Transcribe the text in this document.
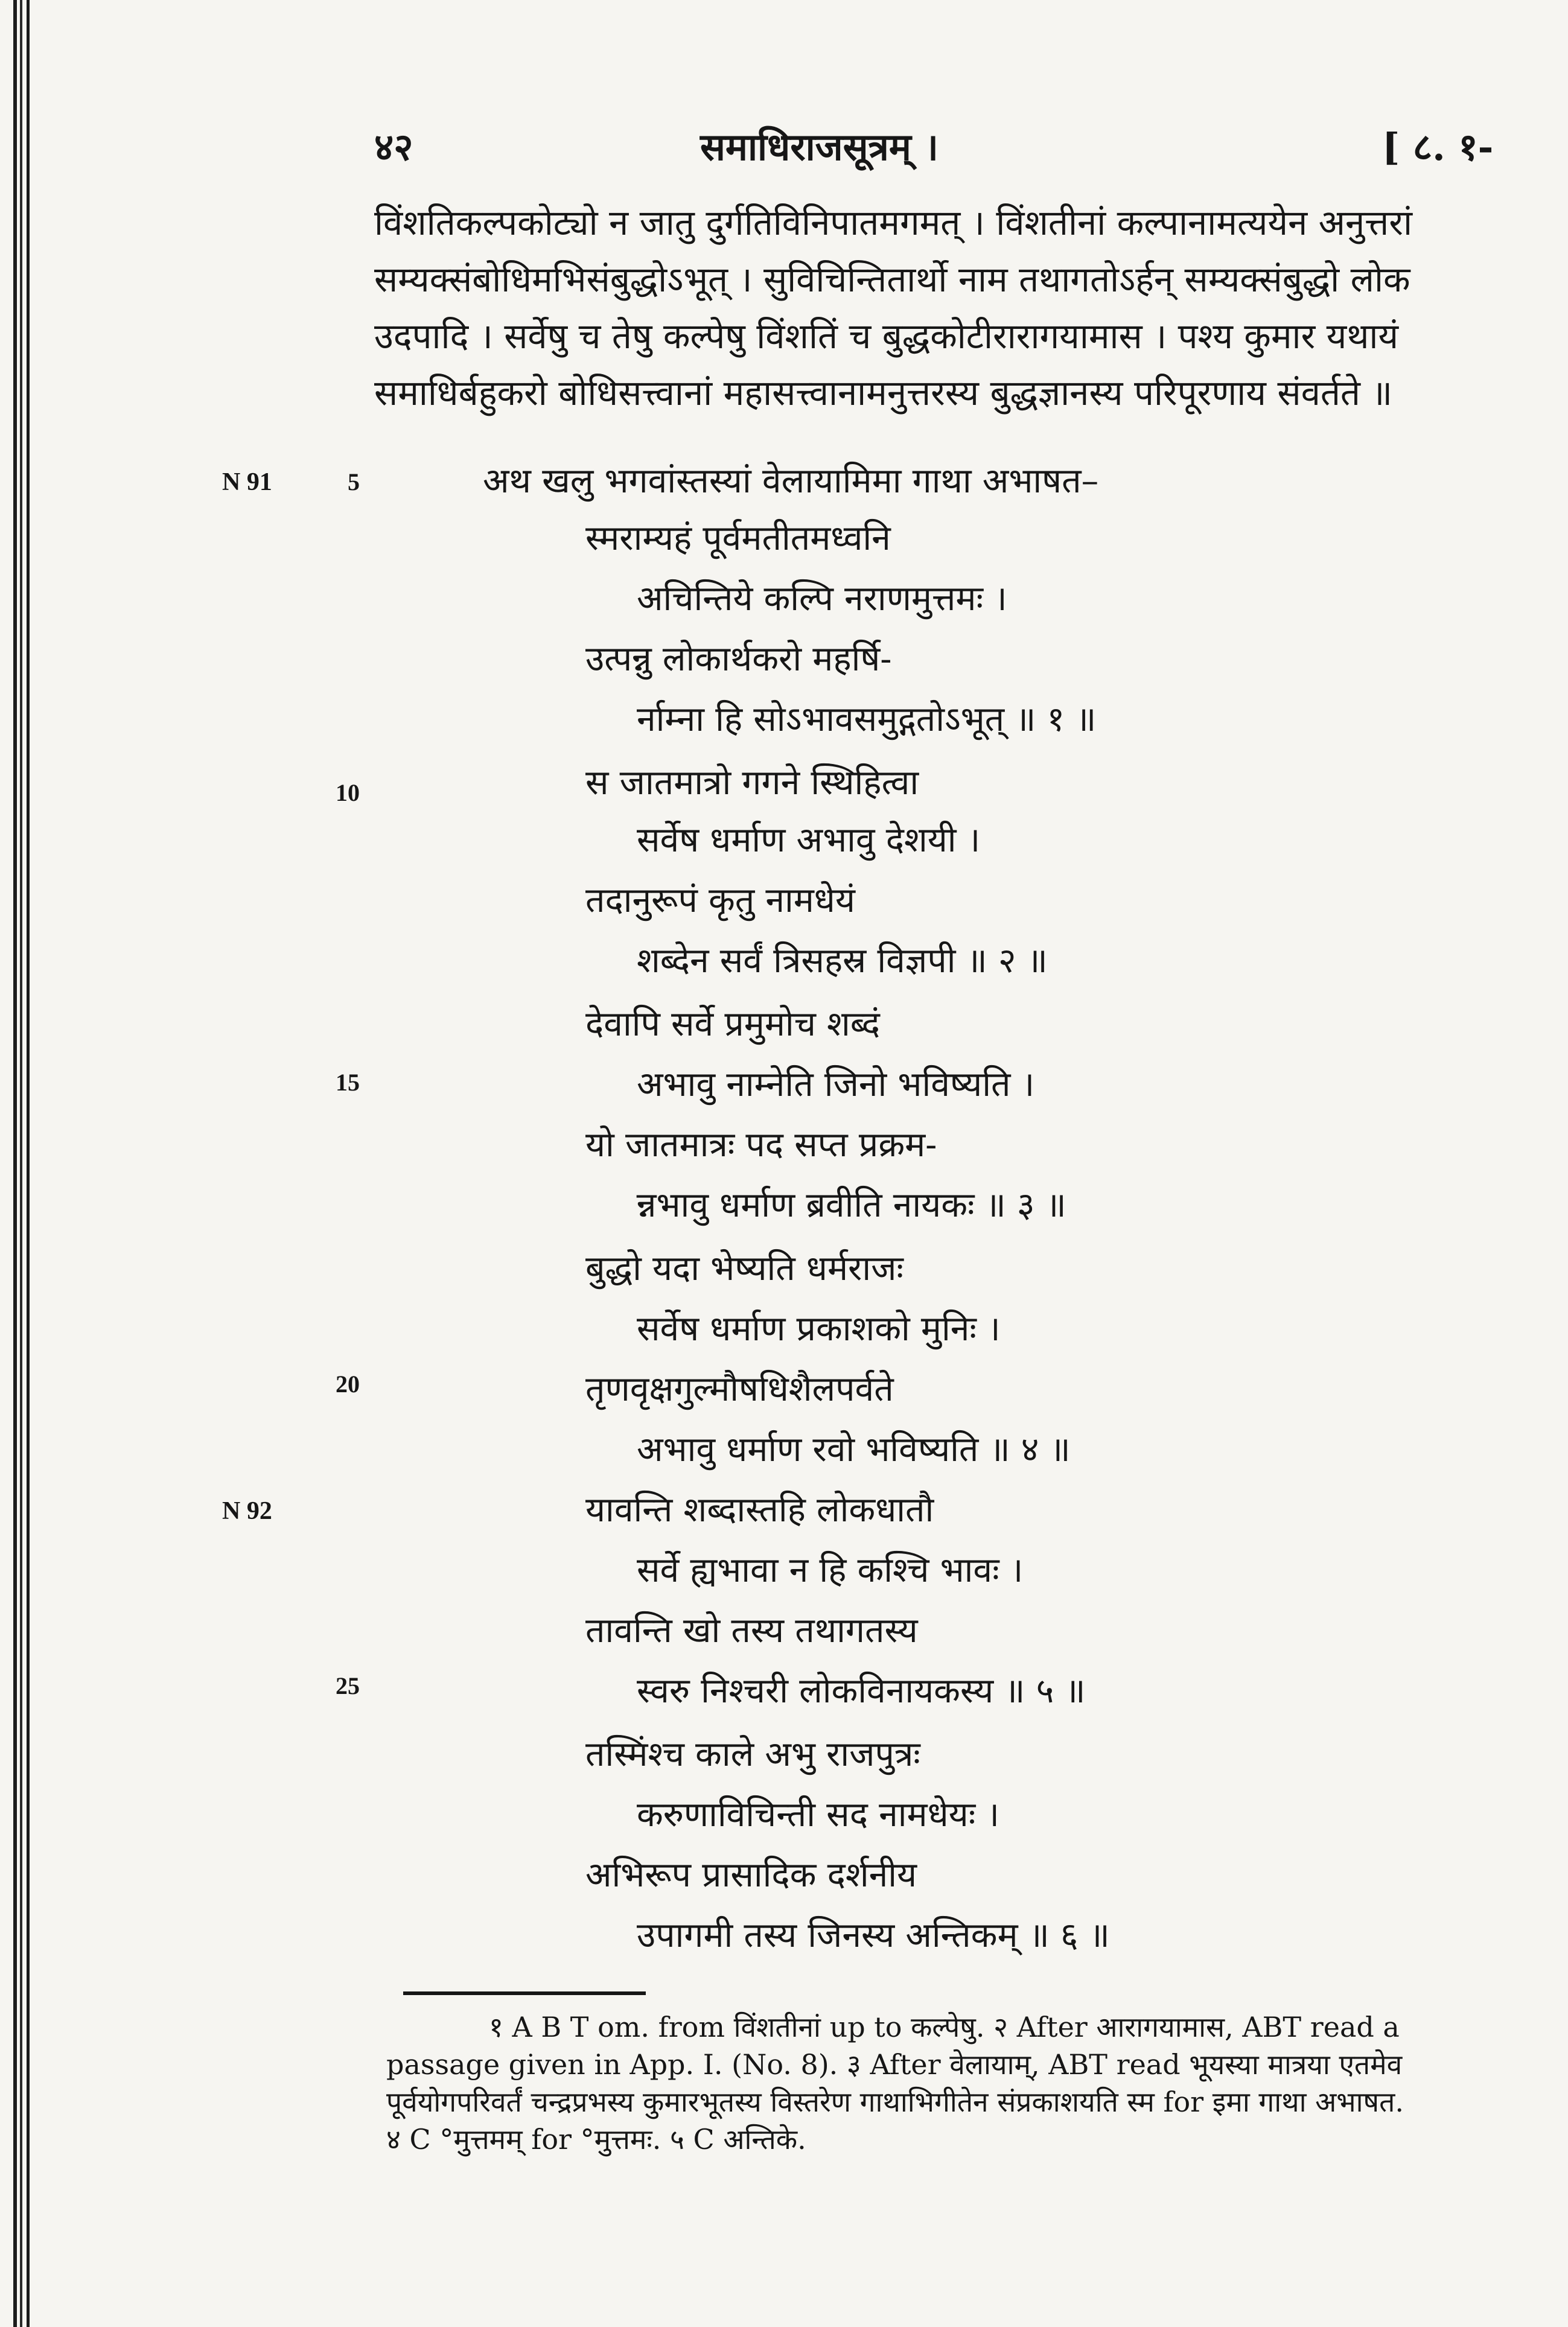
४२	समाधिराजसूत्रम् ।	[ ८. १-
विंशतिकल्पकोट्यो न जातु दुर्गतिविनिपातमगमत् । विंशतीनां कल्पानामत्ययेन अनुत्तरां
सम्यक्संबोधिमभिसंबुद्धोऽभूत् । सुविचिन्तितार्थो नाम तथागतोऽर्हन् सम्यक्संबुद्धो लोक
उदपादि । सर्वेषु च तेषु कल्पेषु विंशतिं च बुद्धकोटीरारागयामास । पश्य कुमार यथायं
समाधिर्बहुकरो बोधिसत्त्वानां महासत्त्वानामनुत्तरस्य बुद्धज्ञानस्य परिपूरणाय संवर्तते ॥
N 91	5	अथ खलु भगवांस्तस्यां वेलायामिमा गाथा अभाषत–
स्मराम्यहं पूर्वमतीतमध्वनि
अचिन्तिये कल्पि नराणमुत्तमः ।
उत्पन्नु लोकार्थकरो महर्षि-
र्नाम्ना हि सोऽभावसमुद्गतोऽभूत् ॥ १ ॥
10	स जातमात्रो गगने स्थिहित्वा
सर्वेष धर्माण अभावु देशयी ।
तदानुरूपं कृतु नामधेयं
शब्देन सर्वं त्रिसहस्र विज्ञपी ॥ २ ॥
देवापि सर्वे प्रमुमोच शब्दं
15	अभावु नाम्नेति जिनो भविष्यति ।
यो जातमात्रः पद सप्त प्रक्रम-
न्नभावु धर्माण ब्रवीति नायकः ॥ ३ ॥
बुद्धो यदा भेष्यति धर्मराजः
सर्वेष धर्माण प्रकाशको मुनिः ।
20	तृणवृक्षगुल्मौषधिशैलपर्वते
अभावु धर्माण रवो भविष्यति ॥ ४ ॥
N 92	यावन्ति शब्दास्तहि लोकधातौ
सर्वे ह्यभावा न हि कश्चि भावः ।
तावन्ति खो तस्य तथागतस्य
25	स्वरु निश्चरी लोकविनायकस्य ॥ ५ ॥
तस्मिंश्च काले अभु राजपुत्रः
करुणाविचिन्ती सद नामधेयः ।
अभिरूप प्रासादिक दर्शनीय
उपागमी तस्य जिनस्य अन्तिकम् ॥ ६ ॥
१ A B T om. from विंशतीनां up to कल्पेषु. २ After आरागयामास, ABT read a
passage given in App. I. (No. 8). ३ After वेलायाम्, ABT read भूयस्या मात्रया एतमेव
पूर्वयोगपरिवर्तं चन्द्रप्रभस्य कुमारभूतस्य विस्तरेण गाथाभिगीतेन संप्रकाशयति स्म for इमा गाथा अभाषत.
४ C °मुत्तमम् for °मुत्तमः. ५ C अन्तिके.
